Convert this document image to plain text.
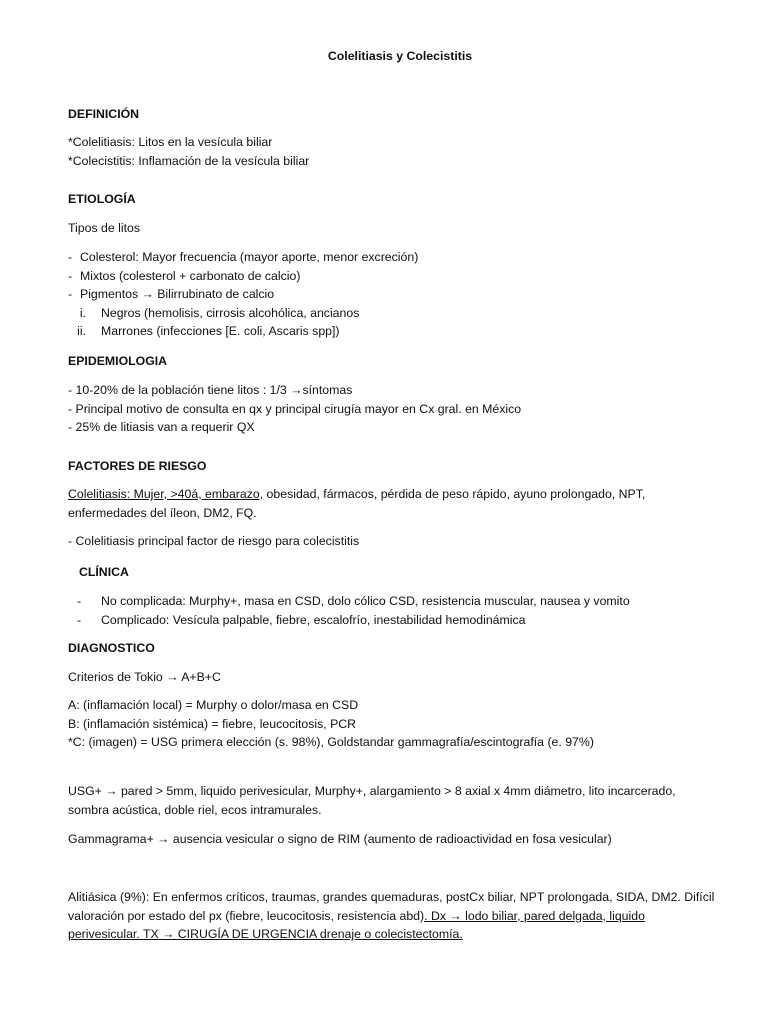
Colelitiasis y Colecistitis
DEFINICIÓN
*Colelitiasis: Litos en la vesícula biliar
*Colecistitis: Inflamación de la vesícula biliar
ETIOLOGÍA
Tipos de litos
- Colesterol: Mayor frecuencia (mayor aporte, menor excreción)
- Mixtos (colesterol + carbonato de calcio)
- Pigmentos → Bilirrubinato de calcio
i. Negros (hemolisis, cirrosis alcohólica, ancianos
ii. Marrones (infecciones [E. coli, Ascaris spp])
EPIDEMIOLOGIA
- 10-20% de la población tiene litos : 1/3 →síntomas
- Principal motivo de consulta en qx y principal cirugía mayor en Cx gral. en México
- 25% de litiasis van a requerir QX
FACTORES DE RIESGO
Colelitiasis: Mujer, >40á, embarazo, obesidad, fármacos, pérdida de peso rápido, ayuno prolongado, NPT,
enfermedades del íleon, DM2, FQ.
- Colelitiasis principal factor de riesgo para colecistitis
CLÍNICA
- No complicada: Murphy+, masa en CSD, dolo cólico CSD, resistencia muscular, nausea y vomito
- Complicado: Vesícula palpable, fiebre, escalofrío, inestabilidad hemodinámica
DIAGNOSTICO
Criterios de Tokio → A+B+C
A: (inflamación local) = Murphy o dolor/masa en CSD
B: (inflamación sistémica) = fiebre, leucocitosis, PCR
*C: (imagen) = USG primera elección (s. 98%), Goldstandar gammagrafía/escintografía (e. 97%)
USG+ → pared > 5mm, liquido perivesicular, Murphy+, alargamiento > 8 axial x 4mm diámetro, lito incarcerado,
sombra acústica, doble riel, ecos intramurales.
Gammagrama+ → ausencia vesicular o signo de RIM (aumento de radioactividad en fosa vesicular)
Alitiásica (9%): En enfermos críticos, traumas, grandes quemaduras, postCx biliar, NPT prolongada, SIDA, DM2. Difícil
valoración por estado del px (fiebre, leucocitosis, resistencia abd). Dx → lodo biliar, pared delgada, liquido
perivesicular. TX → CIRUGÍA DE URGENCIA drenaje o colecistectomía.
